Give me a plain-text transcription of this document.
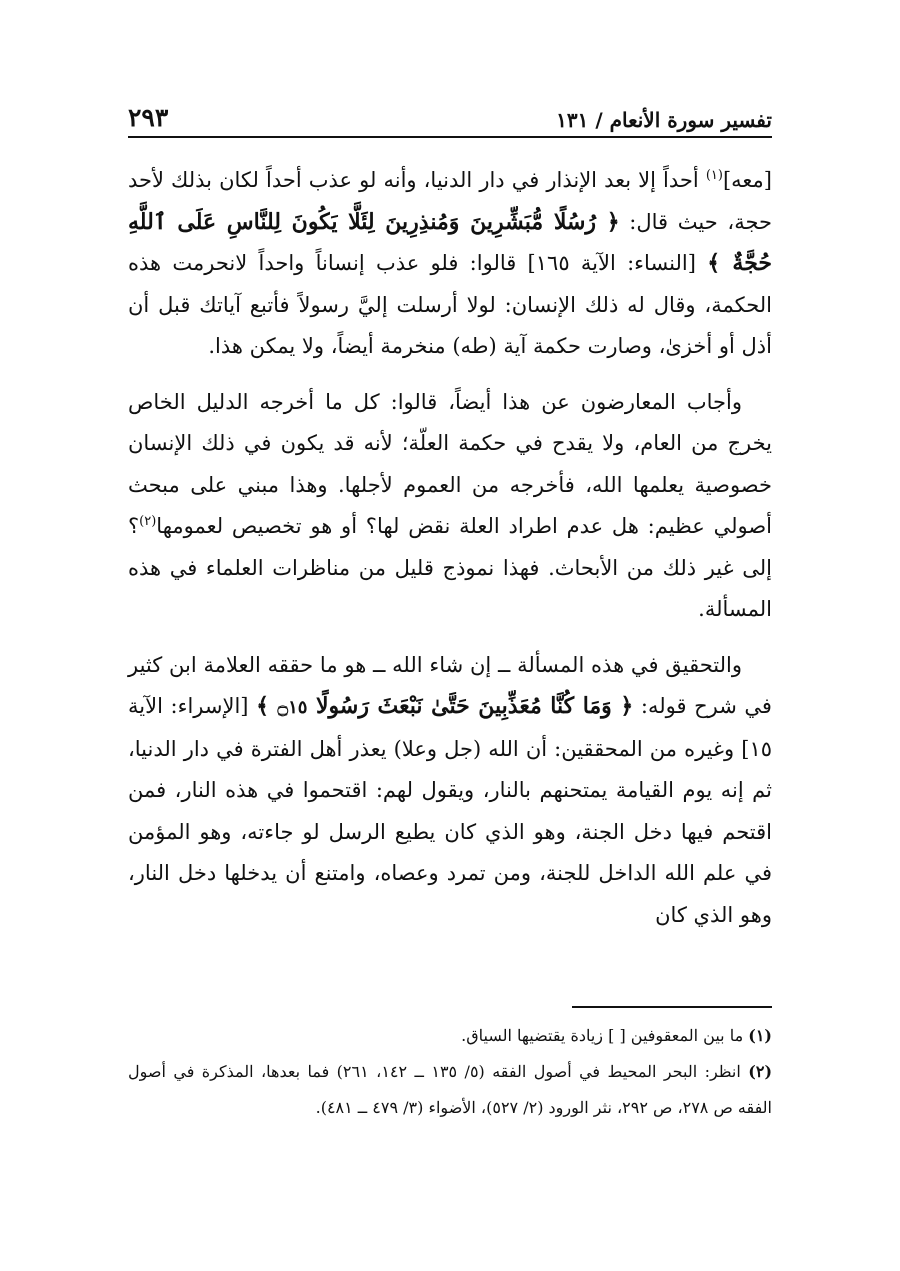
٢٩٣	تفسير سورة الأنعام / ١٣١

[معه]$^{(١)}$ أحداً إلا بعد الإنذار في دار الدنيا، وأنه لو عذب أحداً لكان بذلك لأحد حجة، حيث قال: ﴿ رُسُلًا مُّبَشِّرِينَ وَمُنذِرِينَ لِئَلَّا يَكُونَ لِلنَّاسِ عَلَى ٱللَّهِ حُجَّةٌ ﴾ [النساء: الآية ١٦٥] قالوا: فلو عذب إنساناً واحداً لانحرمت هذه الحكمة، وقال له ذلك الإنسان: لولا أرسلت إليَّ رسولاً فأتبع آياتك قبل أن أذل أو أخزىٰ، وصارت حكمة آية (طه) منخرمة أيضاً، ولا يمكن هذا.

وأجاب المعارضون عن هذا أيضاً، قالوا: كل ما أخرجه الدليل الخاص يخرج من العام، ولا يقدح في حكمة العلّة؛ لأنه قد يكون في ذلك الإنسان خصوصية يعلمها الله، فأخرجه من العموم لأجلها. وهذا مبني على مبحث أصولي عظيم: هل عدم اطراد العلة نقض لها؟ أو هو تخصيص لعمومها$^{(٢)}$؟ إلى غير ذلك من الأبحاث. فهذا نموذج قليل من مناظرات العلماء في هذه المسألة.

والتحقيق في هذه المسألة ــ إن شاء الله ــ هو ما حققه العلامة ابن كثير في شرح قوله: ﴿ وَمَا كُنَّا مُعَذِّبِينَ حَتَّىٰ نَبْعَثَ رَسُولًا ۝١٥ ﴾ [الإسراء: الآية ١٥] وغيره من المحققين: أن الله (جل وعلا) يعذر أهل الفترة في دار الدنيا، ثم إنه يوم القيامة يمتحنهم بالنار، ويقول لهم: اقتحموا في هذه النار، فمن اقتحم فيها دخل الجنة، وهو الذي كان يطيع الرسل لو جاءته، وهو المؤمن في علم الله الداخل للجنة، ومن تمرد وعصاه، وامتنع أن يدخلها دخل النار، وهو الذي كان

(١) ما بين المعقوفين [ ] زيادة يقتضيها السياق.

(٢) انظر: البحر المحيط في أصول الفقه (٥/ ١٣٥ ــ ١٤٢، ٢٦١) فما بعدها، المذكرة في أصول الفقه ص ٢٧٨، ص ٢٩٢، نثر الورود (٢/ ٥٢٧)، الأضواء (٣/ ٤٧٩ ــ ٤٨١).
